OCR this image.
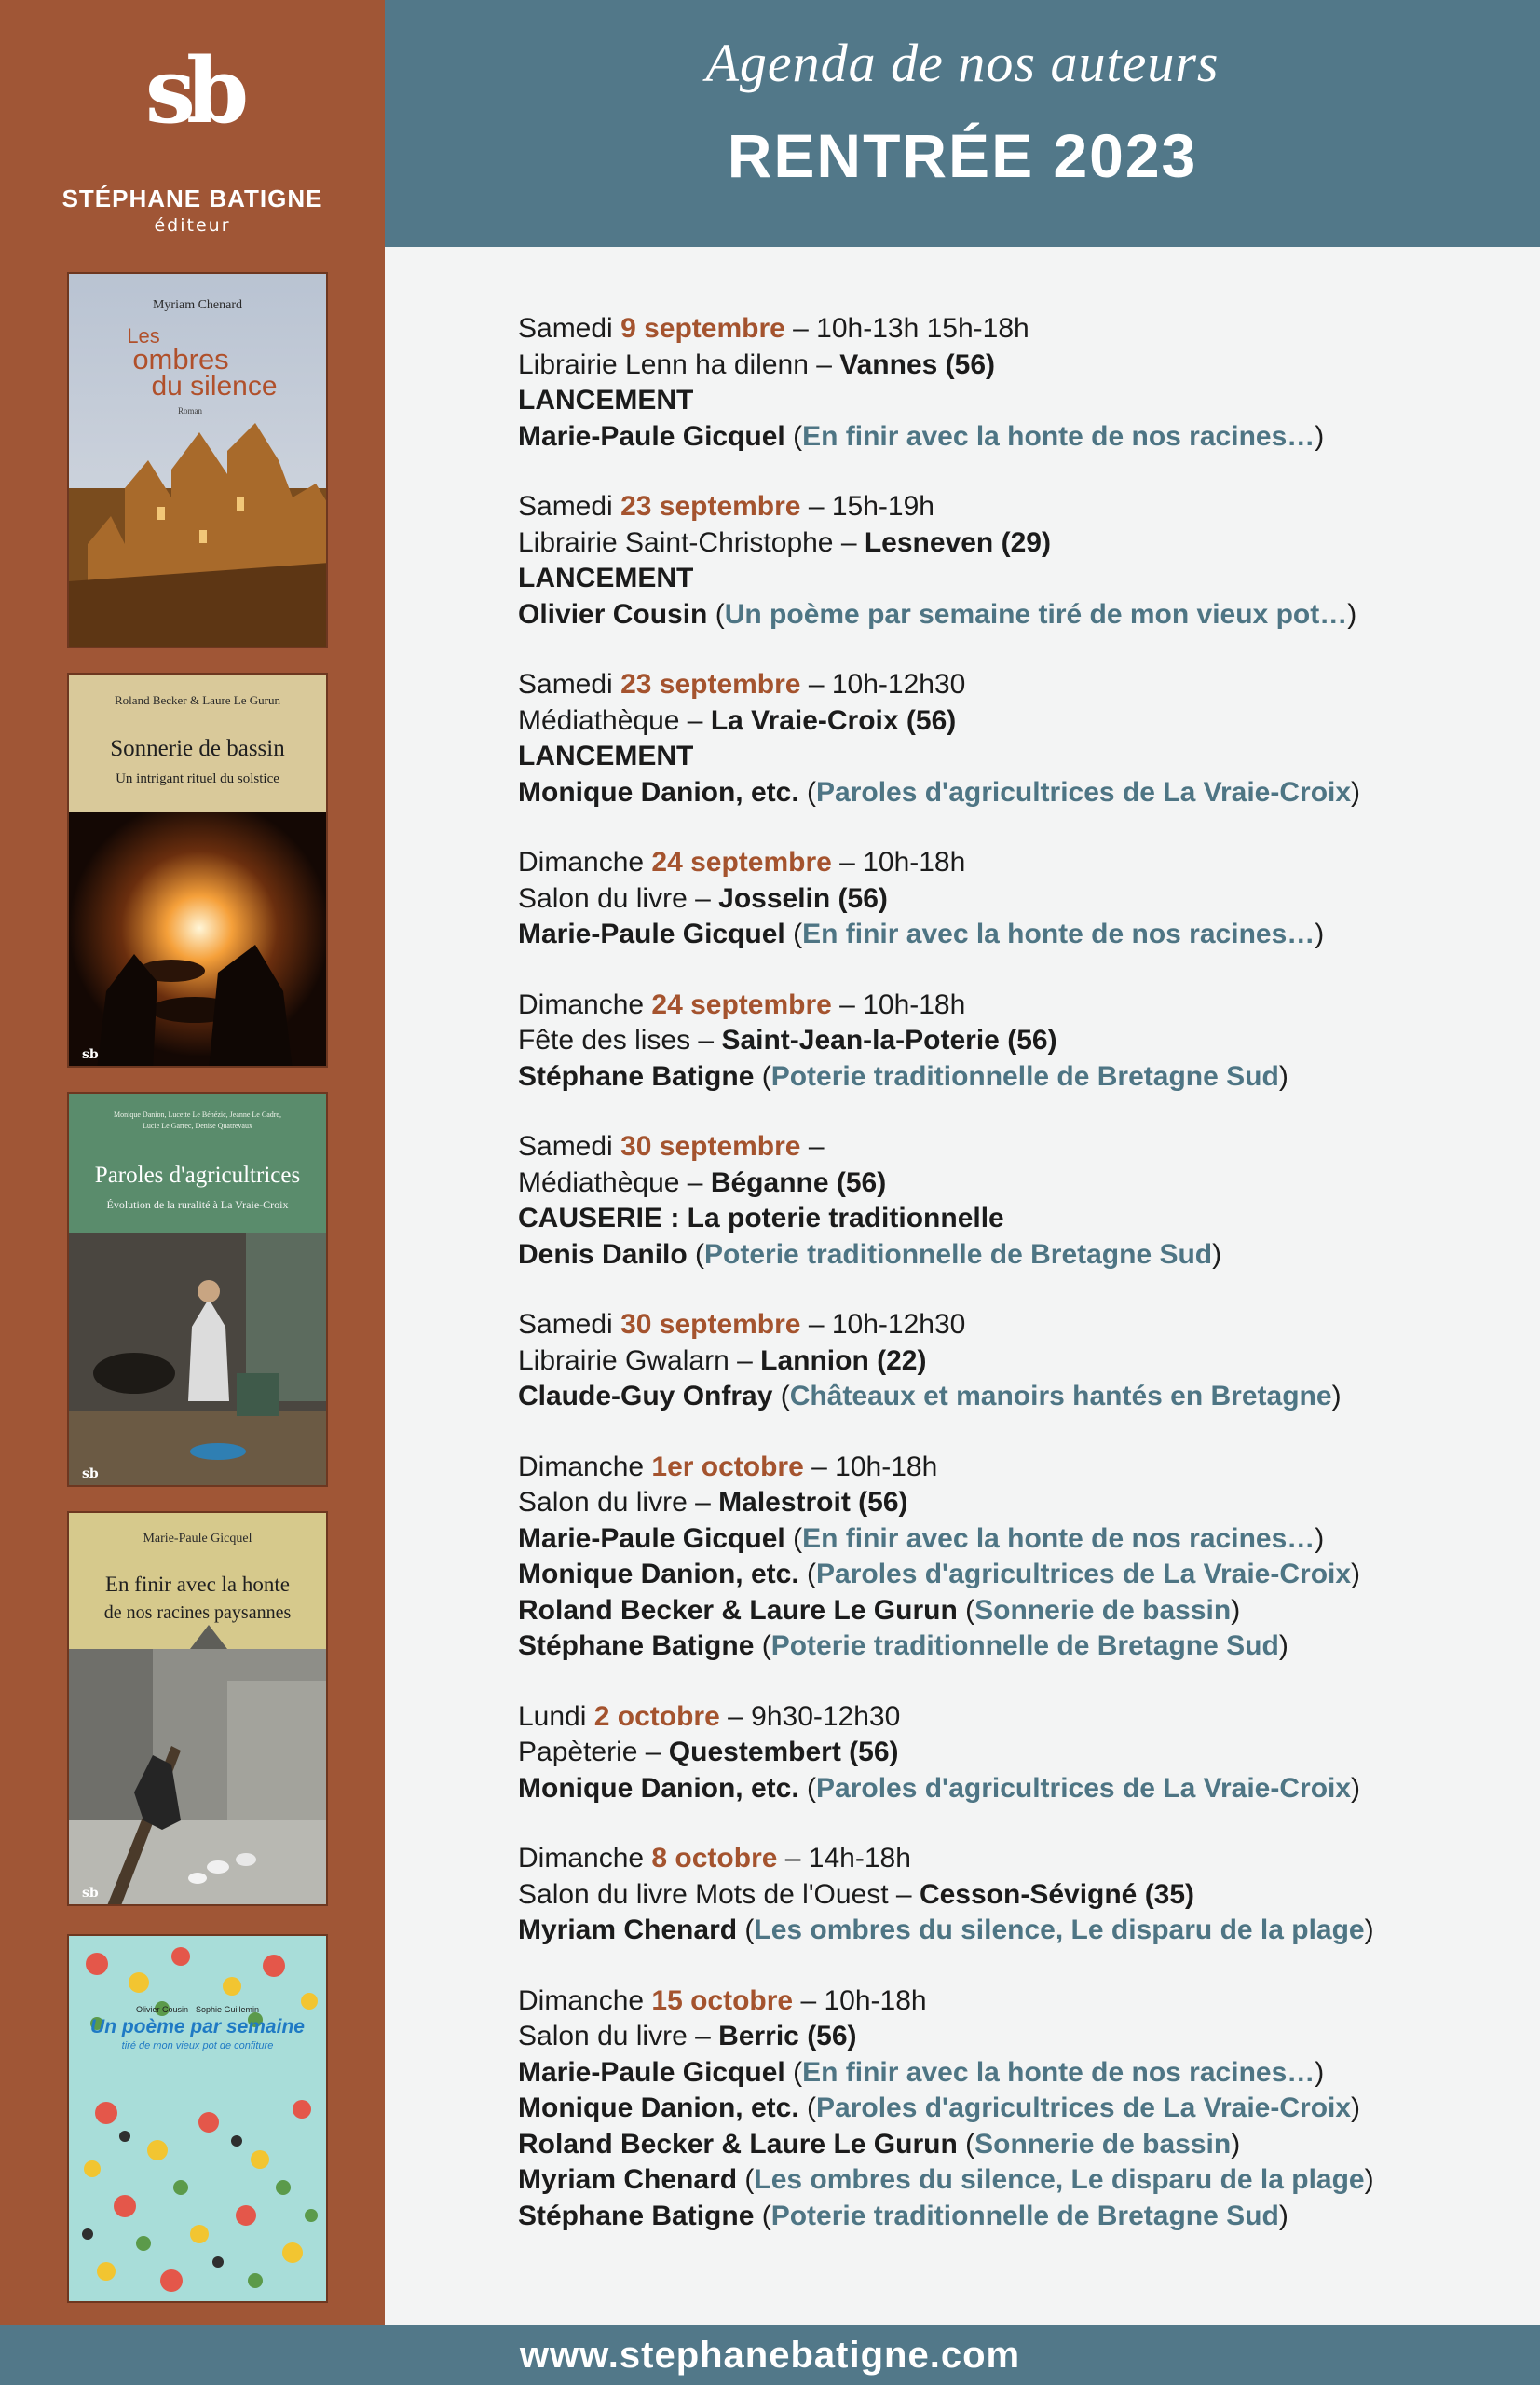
sb
STÉPHANE BATIGNE
éditeur
Myriam Chenard
Les
ombres
du silence
Roman
sb
Roland Becker & Laure Le Gurun
Sonnerie de bassin
Un intrigant rituel du solstice
sb
Monique Danion, Lucette Le Bénézic, Jeanne Le Cadre,
Lucie Le Garrec, Denise Quatrevaux
Paroles d'agricultrices
Évolution de la ruralité à La Vraie-Croix
sb
Marie-Paule Gicquel
En finir avec la honte
de nos racines paysannes
Olivier Cousin · Sophie Guillemin
Un poème par semaine
tiré de mon vieux pot de confiture
Agenda de nos auteurs
RENTRÉE 2023
Samedi 9 septembre – 10h-13h 15h-18h
Librairie Lenn ha dilenn – Vannes (56)
LANCEMENT
Marie-Paule Gicquel (En finir avec la honte de nos racines…)
Samedi 23 septembre – 15h-19h
Librairie Saint-Christophe – Lesneven (29)
LANCEMENT
Olivier Cousin (Un poème par semaine tiré de mon vieux pot…)
Samedi 23 septembre – 10h-12h30
Médiathèque – La Vraie-Croix (56)
LANCEMENT
Monique Danion, etc. (Paroles d'agricultrices de La Vraie-Croix)
Dimanche 24 septembre – 10h-18h
Salon du livre – Josselin (56)
Marie-Paule Gicquel (En finir avec la honte de nos racines…)
Dimanche 24 septembre – 10h-18h
Fête des lises – Saint-Jean-la-Poterie (56)
Stéphane Batigne (Poterie traditionnelle de Bretagne Sud)
Samedi 30 septembre –
Médiathèque – Béganne (56)
CAUSERIE : La poterie traditionnelle
Denis Danilo (Poterie traditionnelle de Bretagne Sud)
Samedi 30 septembre – 10h-12h30
Librairie Gwalarn – Lannion (22)
Claude-Guy Onfray (Châteaux et manoirs hantés en Bretagne)
Dimanche 1er octobre – 10h-18h
Salon du livre – Malestroit (56)
Marie-Paule Gicquel (En finir avec la honte de nos racines…)
Monique Danion, etc. (Paroles d'agricultrices de La Vraie-Croix)
Roland Becker & Laure Le Gurun (Sonnerie de bassin)
Stéphane Batigne (Poterie traditionnelle de Bretagne Sud)
Lundi 2 octobre – 9h30-12h30
Papèterie – Questembert (56)
Monique Danion, etc. (Paroles d'agricultrices de La Vraie-Croix)
Dimanche 8 octobre – 14h-18h
Salon du livre Mots de l'Ouest – Cesson-Sévigné (35)
Myriam Chenard (Les ombres du silence, Le disparu de la plage)
Dimanche 15 octobre – 10h-18h
Salon du livre – Berric (56)
Marie-Paule Gicquel (En finir avec la honte de nos racines…)
Monique Danion, etc. (Paroles d'agricultrices de La Vraie-Croix)
Roland Becker & Laure Le Gurun (Sonnerie de bassin)
Myriam Chenard (Les ombres du silence, Le disparu de la plage)
Stéphane Batigne (Poterie traditionnelle de Bretagne Sud)
www.stephanebatigne.com
